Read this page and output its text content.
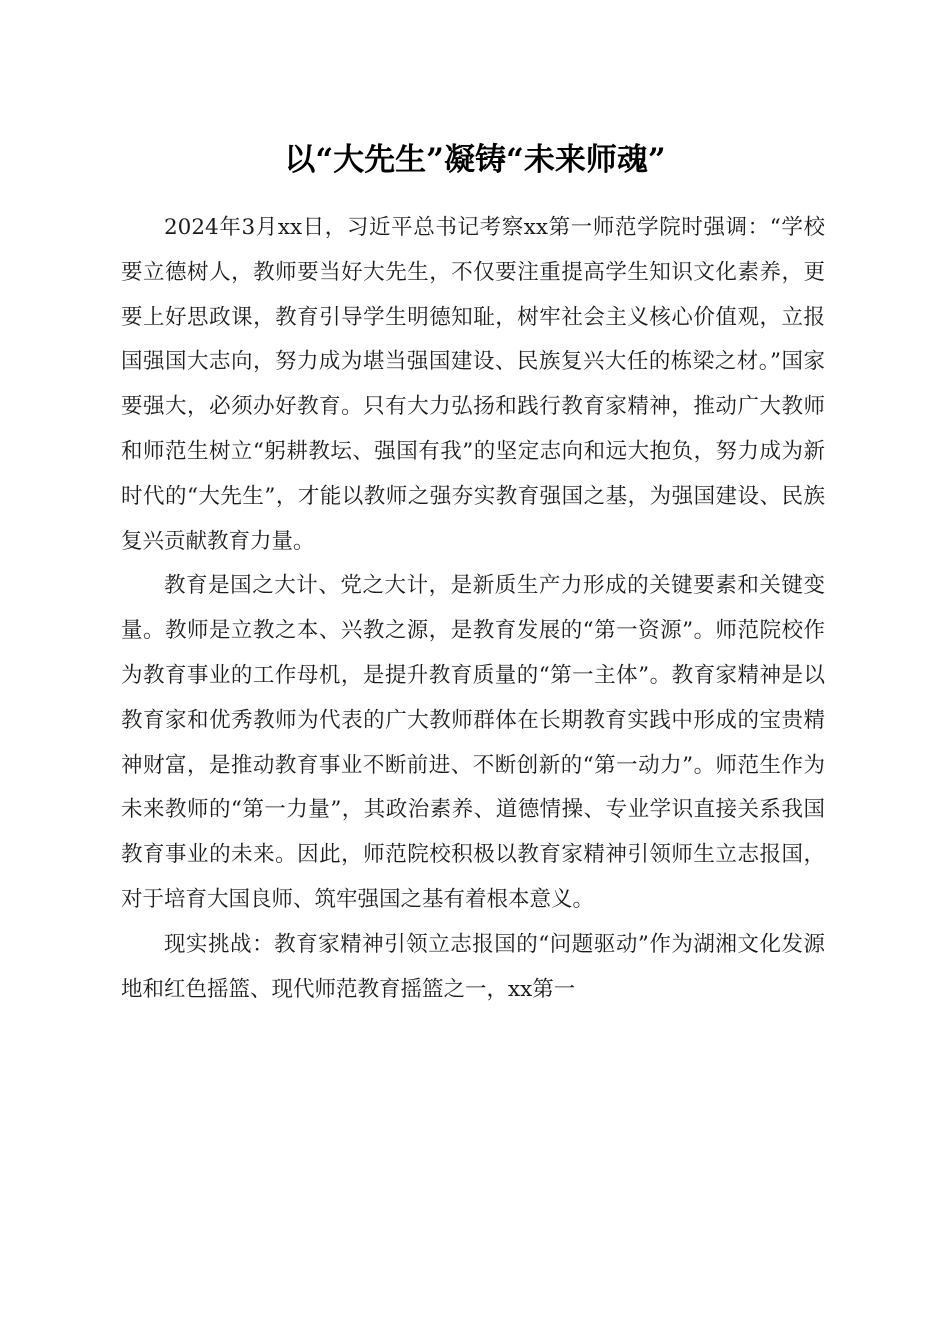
以“大先生”凝铸“未来师魂”

2024年3月xx日，习近平总书记考察xx第一师范学院时强调：“学校要立德树人，教师要当好大先生，不仅要注重提高学生知识文化素养，更要上好思政课，教育引导学生明德知耻，树牢社会主义核心价值观，立报国强国大志向，努力成为堪当强国建设、民族复兴大任的栋梁之材。”国家要强大，必须办好教育。只有大力弘扬和践行教育家精神，推动广大教师和师范生树立“躬耕教坛、强国有我”的坚定志向和远大抱负，努力成为新时代的“大先生”，才能以教师之强夯实教育强国之基，为强国建设、民族复兴贡献教育力量。

教育是国之大计、党之大计，是新质生产力形成的关键要素和关键变量。教师是立教之本、兴教之源，是教育发展的“第一资源”。师范院校作为教育事业的工作母机，是提升教育质量的“第一主体”。教育家精神是以教育家和优秀教师为代表的广大教师群体在长期教育实践中形成的宝贵精神财富，是推动教育事业不断前进、不断创新的“第一动力”。师范生作为未来教师的“第一力量”，其政治素养、道德情操、专业学识直接关系我国教育事业的未来。因此，师范院校积极以教育家精神引领师生立志报国，对于培育大国良师、筑牢强国之基有着根本意义。

现实挑战：教育家精神引领立志报国的“问题驱动”作为湖湘文化发源地和红色摇篮、现代师范教育摇篮之一，xx第一
